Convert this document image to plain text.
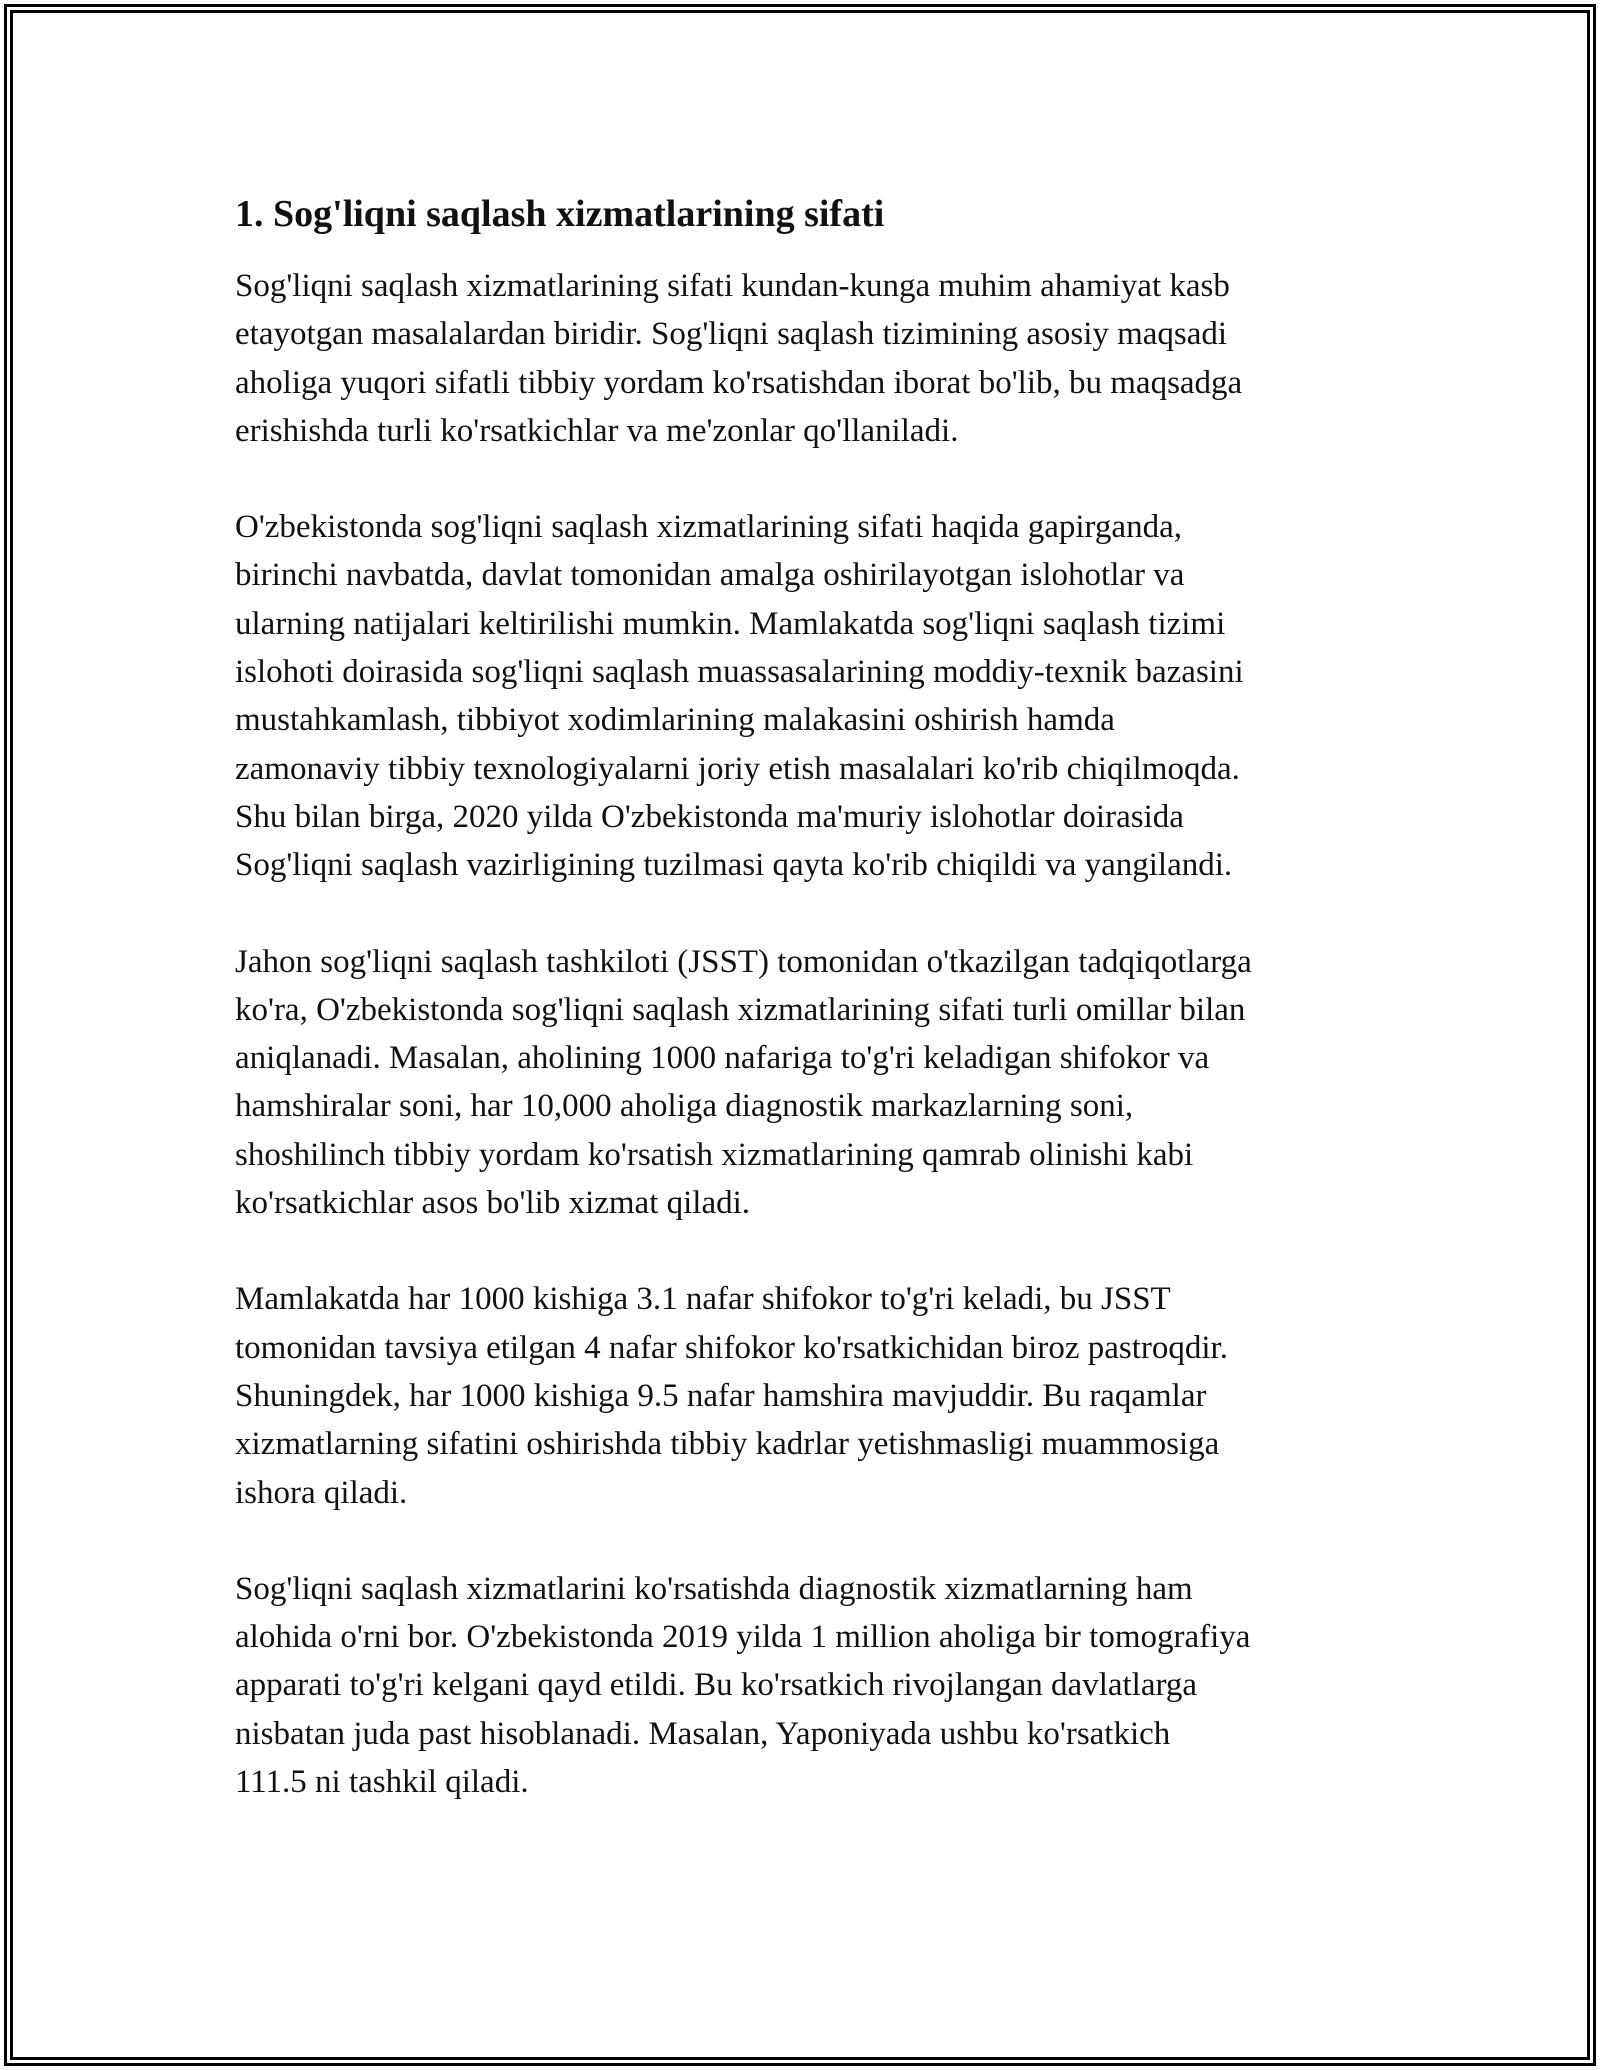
1. Sog'liqni saqlash xizmatlarining sifati

Sog'liqni saqlash xizmatlarining sifati kundan-kunga muhim ahamiyat kasb
etayotgan masalalardan biridir. Sog'liqni saqlash tizimining asosiy maqsadi
aholiga yuqori sifatli tibbiy yordam ko'rsatishdan iborat bo'lib, bu maqsadga
erishishda turli ko'rsatkichlar va me'zonlar qo'llaniladi.

O'zbekistonda sog'liqni saqlash xizmatlarining sifati haqida gapirganda,
birinchi navbatda, davlat tomonidan amalga oshirilayotgan islohotlar va
ularning natijalari keltirilishi mumkin. Mamlakatda sog'liqni saqlash tizimi
islohoti doirasida sog'liqni saqlash muassasalarining moddiy-texnik bazasini
mustahkamlash, tibbiyot xodimlarining malakasini oshirish hamda
zamonaviy tibbiy texnologiyalarni joriy etish masalalari ko'rib chiqilmoqda.
Shu bilan birga, 2020 yilda O'zbekistonda ma'muriy islohotlar doirasida
Sog'liqni saqlash vazirligining tuzilmasi qayta ko'rib chiqildi va yangilandi.

Jahon sog'liqni saqlash tashkiloti (JSST) tomonidan o'tkazilgan tadqiqotlarga
ko'ra, O'zbekistonda sog'liqni saqlash xizmatlarining sifati turli omillar bilan
aniqlanadi. Masalan, aholining 1000 nafariga to'g'ri keladigan shifokor va
hamshiralar soni, har 10,000 aholiga diagnostik markazlarning soni,
shoshilinch tibbiy yordam ko'rsatish xizmatlarining qamrab olinishi kabi
ko'rsatkichlar asos bo'lib xizmat qiladi.

Mamlakatda har 1000 kishiga 3.1 nafar shifokor to'g'ri keladi, bu JSST
tomonidan tavsiya etilgan 4 nafar shifokor ko'rsatkichidan biroz pastroqdir.
Shuningdek, har 1000 kishiga 9.5 nafar hamshira mavjuddir. Bu raqamlar
xizmatlarning sifatini oshirishda tibbiy kadrlar yetishmasligi muammosiga
ishora qiladi.

Sog'liqni saqlash xizmatlarini ko'rsatishda diagnostik xizmatlarning ham
alohida o'rni bor. O'zbekistonda 2019 yilda 1 million aholiga bir tomografiya
apparati to'g'ri kelgani qayd etildi. Bu ko'rsatkich rivojlangan davlatlarga
nisbatan juda past hisoblanadi. Masalan, Yaponiyada ushbu ko'rsatkich
111.5 ni tashkil qiladi.
